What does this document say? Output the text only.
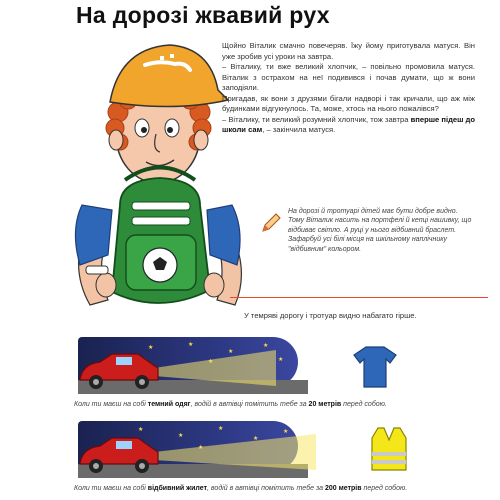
На дорозі жвавий рух

Щойно Віталик смачно повечеряв. Їжу йому приготувала матуся. Він уже зробив усі уроки на завтра.

– Віталику, ти вже великий хлопчик, – повільно промовила матуся. Віталик з острахом на неї подивився і почав думати, що ж вони заподіяли.

Пригадав, як вони з друзями бігали надворі і так кричали, що аж між будинками відгукнулось. Та, може, хтось на нього пожалівся?

– Віталику, ти великий розумний хлопчик, тож завтра вперше підеш до школи сам, – закінчила матуся.

На дорозі й тротуарі дітей має бути добре видно. Тому Віталик насить на портфелі й кепці нашивку, що відбиває світло. А руці у нього відбивний браслет. Зафарбуй усі білі місця на шкільному наплічнику "відбивним" кольором.
У темряві дорогу і тротуар видно набагато гірше.
★	★
★
★
★
Коли ти маєш на собі темний одяг, водій в автівці помітить тебе за 20 метрів перед собою.
★
★
★
★
★
Коли ти маєш на собі відбивний жилет, водій в автівці помітить тебе за 200 метрів перед собою.
